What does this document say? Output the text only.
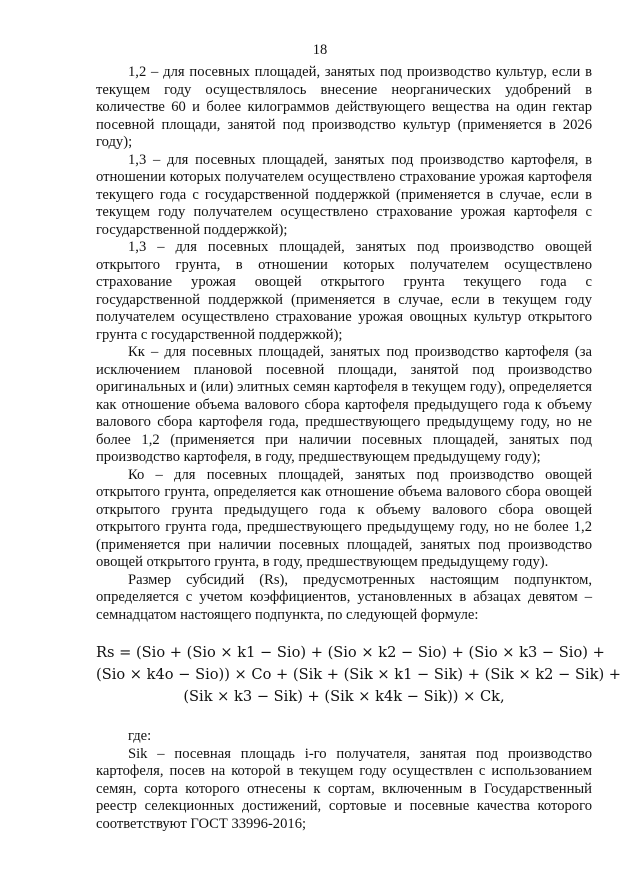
18

1,2 – для посевных площадей, занятых под производство культур, если в текущем году осуществлялось внесение неорганических удобрений в количестве 60 и более килограммов действующего вещества на один гектар посевной площади, занятой под производство культур (применяется в 2026 году);

1,3 – для посевных площадей, занятых под производство картофеля, в отношении которых получателем осуществлено страхование урожая картофеля текущего года с государственной поддержкой (применяется в случае, если в текущем году получателем осуществлено страхование урожая картофеля с государственной поддержкой);

1,3 – для посевных площадей, занятых под производство овощей открытого грунта, в отношении которых получателем осуществлено страхование урожая овощей открытого грунта текущего года с государственной поддержкой (применяется в случае, если в текущем году получателем осуществлено страхование урожая овощных культур открытого грунта с государственной поддержкой);

Кк – для посевных площадей, занятых под производство картофеля (за исключением плановой посевной площади, занятой под производство оригинальных и (или) элитных семян картофеля в текущем году), определяется как отношение объема валового сбора картофеля предыдущего года к объему валового сбора картофеля года, предшествующего предыдущему году, но не более 1,2 (применяется при наличии посевных площадей, занятых под производство картофеля, в году, предшествующем предыдущему году);

Ко – для посевных площадей, занятых под производство овощей открытого грунта, определяется как отношение объема валового сбора овощей открытого грунта предыдущего года к объему валового сбора овощей открытого грунта года, предшествующего предыдущему году, но не более 1,2 (применяется при наличии посевных площадей, занятых под производство овощей открытого грунта, в году, предшествующем предыдущему году).

Размер субсидий (Rs), предусмотренных настоящим подпунктом, определяется с учетом коэффициентов, установленных в абзацах девятом – семнадцатом настоящего подпункта, по следующей формуле:

Rs = (Sio + (Sio × k1 − Sio) + (Sio × k2 − Sio) + (Sio × k3 − Sio) +
(Sio × k4o − Sio)) × Co + (Sik + (Sik × k1 − Sik) + (Sik × k2 − Sik) +
(Sik × k3 − Sik) + (Sik × k4k − Sik)) × Ck,

где:

Sik – посевная площадь i-го получателя, занятая под производство картофеля, посев на которой в текущем году осуществлен с использованием семян, сорта которого отнесены к сортам, включенным в Государственный реестр селекционных достижений, сортовые и посевные качества которого соответствуют ГОСТ 33996-2016;
